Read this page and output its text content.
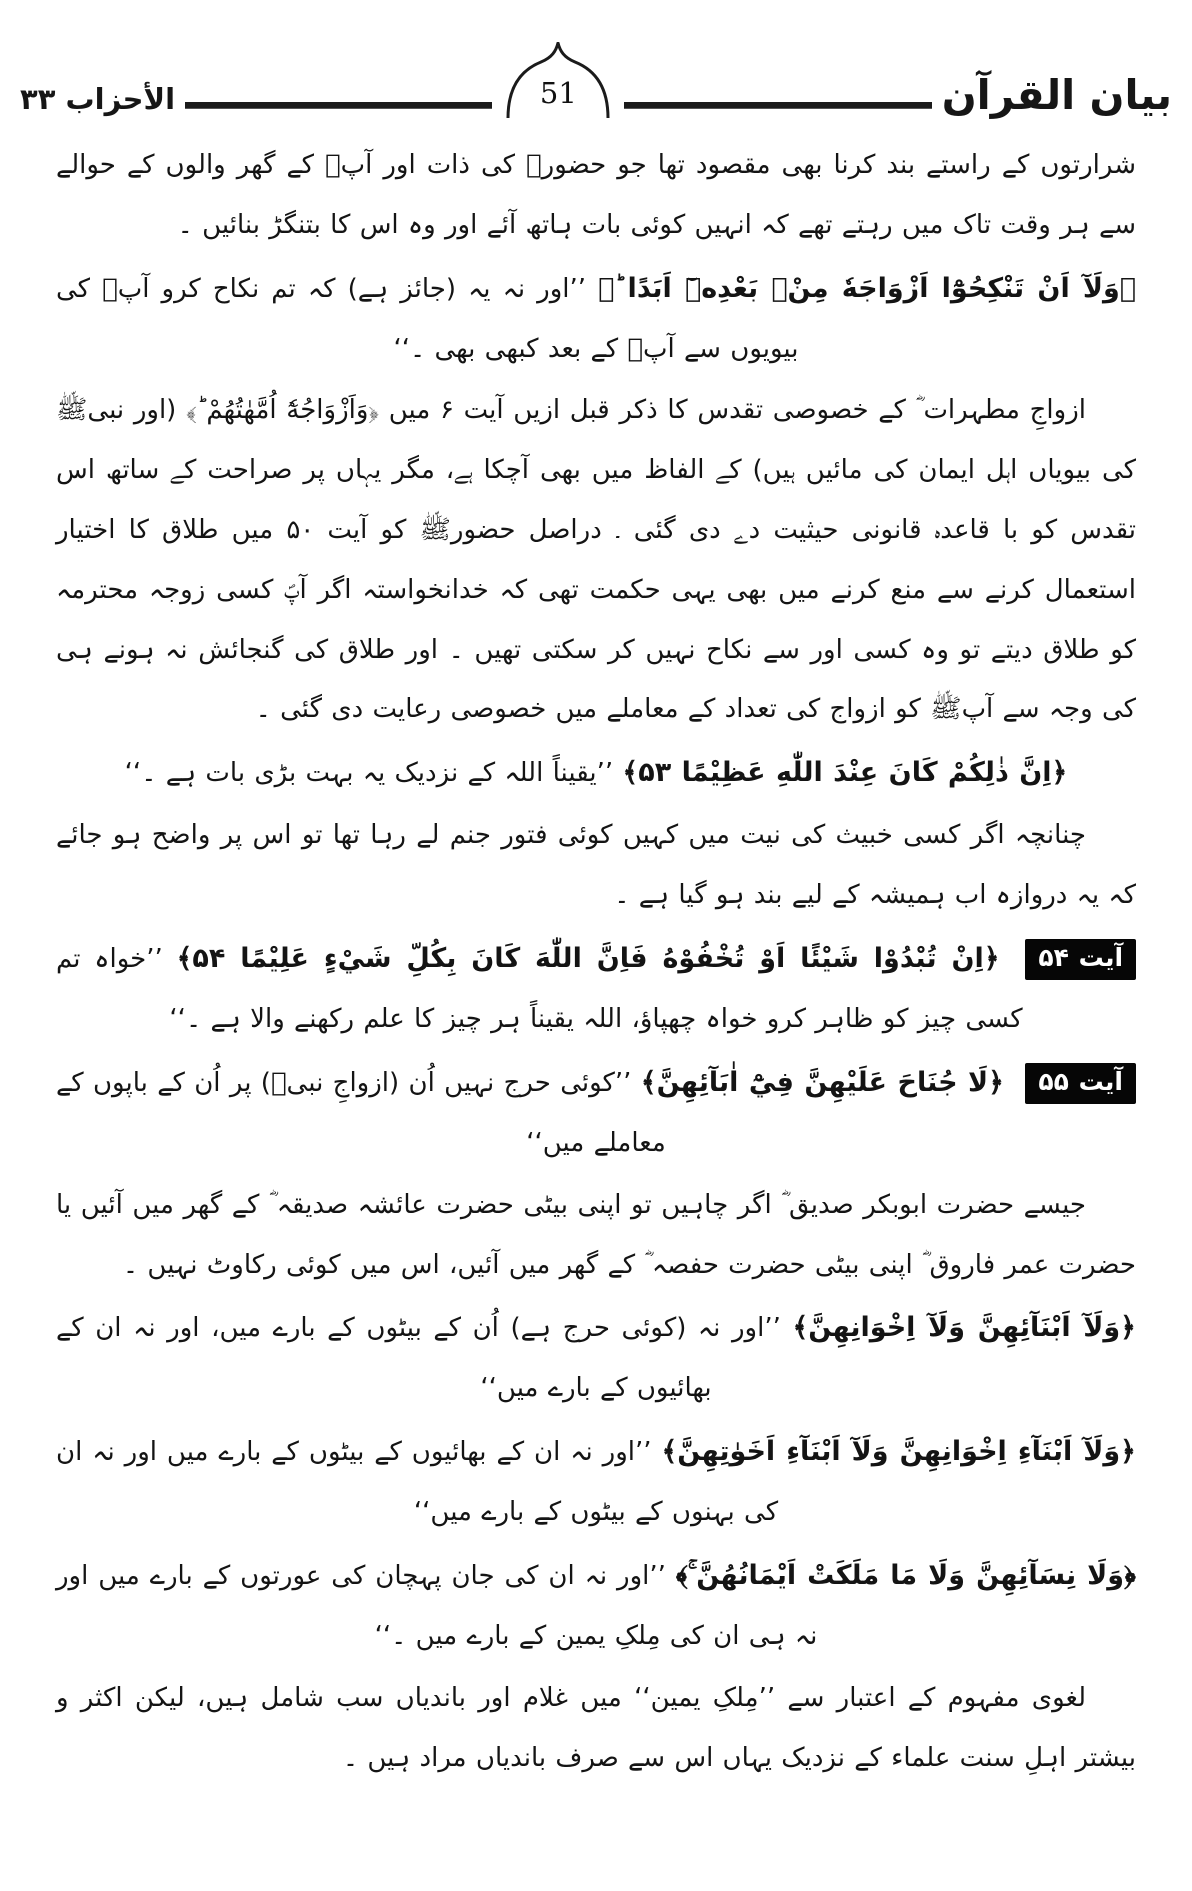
بیان القرآن
51
الأحزاب ۳۳

شرارتوں کے راستے بند کرنا بھی مقصود تھا جو حضورﷺ کی ذات اور آپؐ کے گھر والوں کے حوالے سے ہر وقت تاک میں رہتے تھے کہ انہیں کوئی بات ہاتھ آئے اور وہ اس کا بتنگڑ بنائیں ۔

﴿وَلَآ اَنْ تَنْكِحُوْٓا اَزْوَاجَهٗ مِنْۢ بَعْدِهٖٓ اَبَدًا ؕ﴾ ’’اور نہ یہ (جائز ہے) کہ تم نکاح کرو آپؐ کی بیویوں سے آپؐ کے بعد کبھی بھی ۔‘‘

ازواجِ مطہرات ؓ کے خصوصی تقدس کا ذکر قبل ازیں آیت ۶ میں ﴿وَاَزْوَاجُهٗٓ اُمَّهٰتُهُمْ ؕ﴾ (اور نبیﷺ کی بیویاں اہل ایمان کی مائیں ہیں) کے الفاظ میں بھی آچکا ہے، مگر یہاں پر صراحت کے ساتھ اس تقدس کو با قاعدہ قانونی حیثیت دے دی گئی ۔ دراصل حضورﷺ کو آیت ۵۰ میں طلاق کا اختیار استعمال کرنے سے منع کرنے میں بھی یہی حکمت تھی کہ خدانخواستہ اگر آپؐ کسی زوجہ محترمہ کو طلاق دیتے تو وہ کسی اور سے نکاح نہیں کر سکتی تھیں ۔ اور طلاق کی گنجائش نہ ہونے ہی کی وجہ سے آپﷺ کو ازواج کی تعداد کے معاملے میں خصوصی رعایت دی گئی ۔

﴿اِنَّ ذٰلِكُمْ كَانَ عِنْدَ اللّٰهِ عَظِيْمًا ۵۳﴾ ’’یقیناً اللہ کے نزدیک یہ بہت بڑی بات ہے ۔‘‘

چنانچہ اگر کسی خبیث کی نیت میں کہیں کوئی فتور جنم لے رہا تھا تو اس پر واضح ہو جائے کہ یہ دروازہ اب ہمیشہ کے لیے بند ہو گیا ہے ۔

آیت ۵۴ ﴿اِنْ تُبْدُوْا شَيْئًا اَوْ تُخْفُوْهُ فَاِنَّ اللّٰهَ كَانَ بِكُلِّ شَيْءٍ عَلِيْمًا ۵۴﴾ ’’خواہ تم کسی چیز کو ظاہر کرو خواہ چھپاؤ، اللہ یقیناً ہر چیز کا علم رکھنے والا ہے ۔‘‘

آیت ۵۵ ﴿لَا جُنَاحَ عَلَيْهِنَّ فِيْٓ اٰبَآئِهِنَّ﴾ ’’کوئی حرج نہیں اُن (ازواجِ نبیؐ) پر اُن کے باپوں کے معاملے میں‘‘

جیسے حضرت ابوبکر صدیق ؓ اگر چاہیں تو اپنی بیٹی حضرت عائشہ صدیقہ ؓ کے گھر میں آئیں یا حضرت عمر فاروق ؓ اپنی بیٹی حضرت حفصہ ؓ کے گھر میں آئیں، اس میں کوئی رکاوٹ نہیں ۔

﴿وَلَآ اَبْنَآئِهِنَّ وَلَآ اِخْوَانِهِنَّ﴾ ’’اور نہ (کوئی حرج ہے) اُن کے بیٹوں کے بارے میں، اور نہ ان کے بھائیوں کے بارے میں‘‘

﴿وَلَآ اَبْنَآءِ اِخْوَانِهِنَّ وَلَآ اَبْنَآءِ اَخَوٰتِهِنَّ﴾ ’’اور نہ ان کے بھائیوں کے بیٹوں کے بارے میں اور نہ ان کی بہنوں کے بیٹوں کے بارے میں‘‘

﴿وَلَا نِسَآئِهِنَّ وَلَا مَا مَلَكَتْ اَيْمَانُهُنَّ ۚ﴾ ’’اور نہ ان کی جان پہچان کی عورتوں کے بارے میں اور نہ ہی ان کی مِلکِ یمین کے بارے میں ۔‘‘

لغوی مفہوم کے اعتبار سے ’’مِلکِ یمین‘‘ میں غلام اور باندیاں سب شامل ہیں، لیکن اکثر و بیشتر اہلِ سنت علماء کے نزدیک یہاں اس سے صرف باندیاں مراد ہیں ۔
